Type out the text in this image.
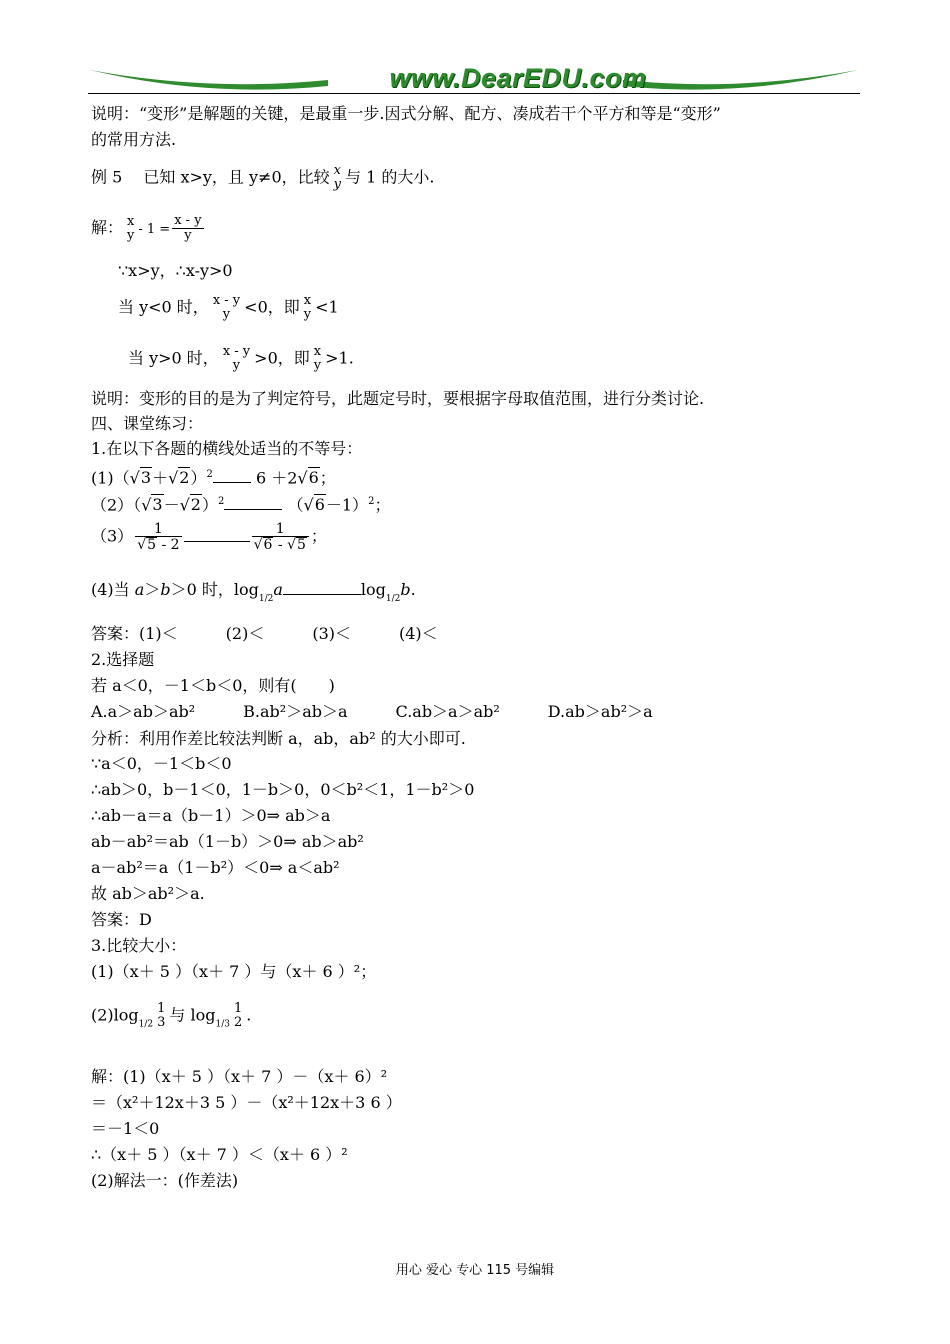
www.DearEDU.com
说明：“变形”是解题的关键，是最重一步.因式分解、配方、凑成若干个平方和等是“变形”
的常用方法.
例 5　 已知 x>y，且 y≠0，比较 x
y 与 1 的大小.
解： x
$y - 1 = \frac{x - y}{y}$
∵x>y，∴x-y>0
当 y<0 时， x - y
y <0，即 x
y <1
当 y>0 时， x - y
y >0，即 x
y >1.
说明：变形的目的是为了判定符号，此题定号时，要根据字母取值范围，进行分类讨论.
四、课堂练习：
1.在以下各题的横线处适当的不等号：
$(1)(√3+√2)^2$	6 ＋2√6；
$(2)(√3-√2)^2$	$(√6-1)^2$；
$(3) \frac{1}{√5 - 2}$	$\frac{1}{√6 - √5}$ ；
(4)当 a＞b＞0 时，$\log_{1/2}a$	$\log_{1/2}b$.
答案：(1)＜　　　(2)＜　　　(3)＜　　　(4)＜
2.选择题
若 a＜0，－1＜b＜0，则有(　　)
A.a＞ab＞ab²　　　B.ab²＞ab＞a　　　C.ab＞a＞ab²　　　D.ab＞ab²＞a
分析：利用作差比较法判断 a，ab，ab² 的大小即可.
∵a＜0，－1＜b＜0
∴ab＞0，b－1＜0，1－b＞0，0＜b²＜1，1－b²＞0
∴ab－a＝a（b－1）＞0⇒ ab＞a
ab－ab²＝ab（1－b）＞0⇒ ab＞ab²
a－ab²＝a（1－b²）＜0⇒ a＜ab²
故 ab＞ab²＞a.
答案：D
3.比较大小：
(1)（x＋ 5 ）（x＋ 7 ）与（x＋ 6 ）²；
$(2)\log_{1/2}$
1
3 与 $\log_{1/3}$
1
2 .
解：(1)（x＋ 5 ）（x＋ 7 ）－（x＋ 6）²
＝（x²＋12x＋3 5 ）－（x²＋12x＋3 6 ）
＝－1＜0
∴（x＋ 5 ）（x＋ 7 ）＜（x＋ 6 ）²
(2)解法一：(作差法)
用心 爱心 专心 115 号编辑
